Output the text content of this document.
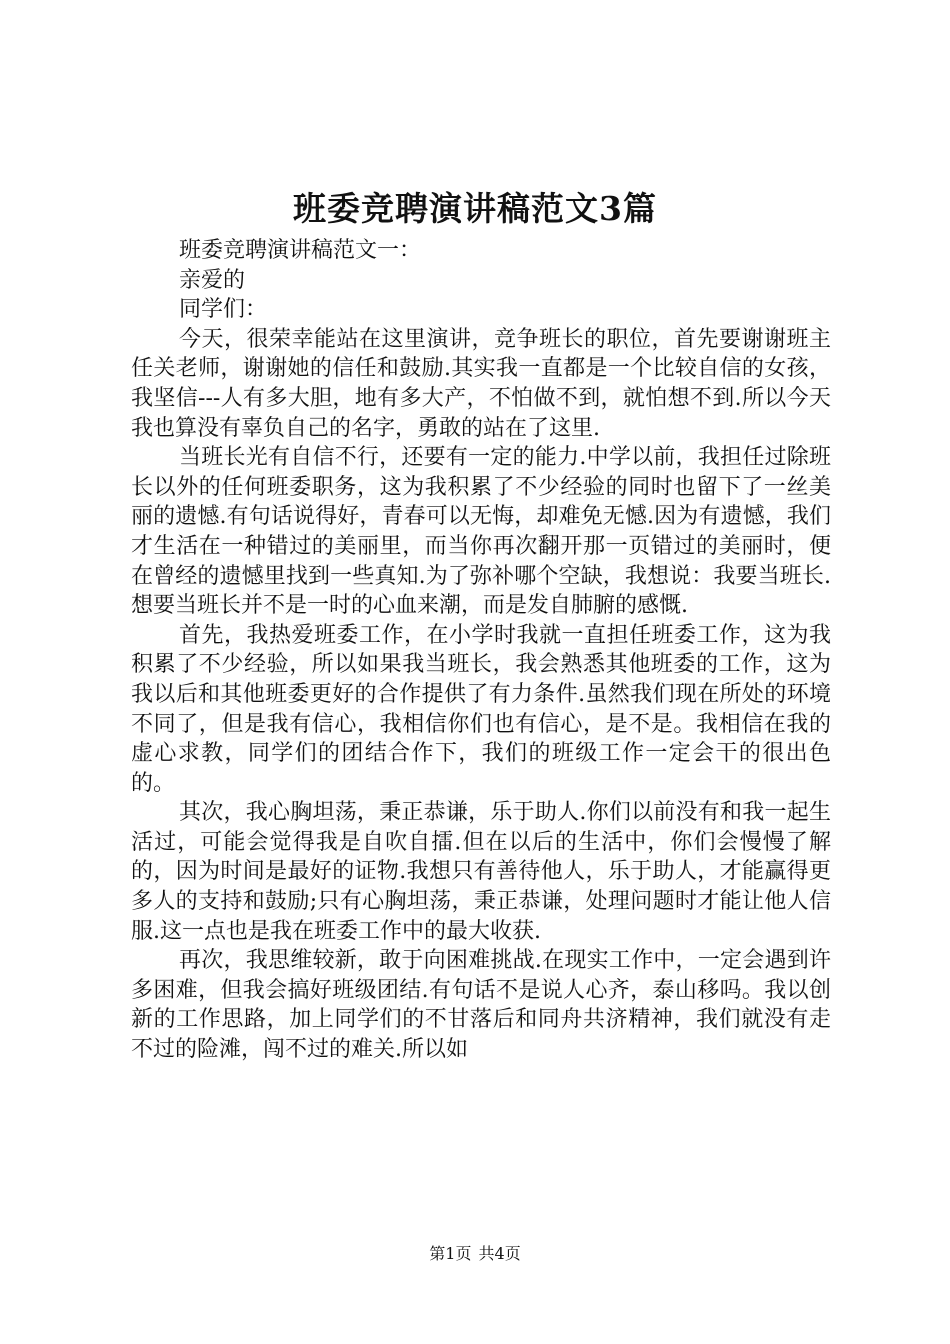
班委竞聘演讲稿范文3篇

班委竞聘演讲稿范文一：

亲爱的

同学们：

今天，很荣幸能站在这里演讲，竞争班长的职位，首先要谢谢班主任关老师，谢谢她的信任和鼓励.其实我一直都是一个比较自信的女孩，我坚信---人有多大胆，地有多大产，不怕做不到，就怕想不到.所以今天我也算没有辜负自己的名字，勇敢的站在了这里.

当班长光有自信不行，还要有一定的能力.中学以前，我担任过除班长以外的任何班委职务，这为我积累了不少经验的同时也留下了一丝美丽的遗憾.有句话说得好，青春可以无悔，却难免无憾.因为有遗憾，我们才生活在一种错过的美丽里，而当你再次翻开那一页错过的美丽时，便在曾经的遗憾里找到一些真知.为了弥补哪个空缺，我想说：我要当班长.想要当班长并不是一时的心血来潮，而是发自肺腑的感慨.

首先，我热爱班委工作，在小学时我就一直担任班委工作，这为我积累了不少经验，所以如果我当班长，我会熟悉其他班委的工作，这为我以后和其他班委更好的合作提供了有力条件.虽然我们现在所处的环境不同了，但是我有信心，我相信你们也有信心，是不是。我相信在我的虚心求教，同学们的团结合作下，我们的班级工作一定会干的很出色的。

其次，我心胸坦荡，秉正恭谦，乐于助人.你们以前没有和我一起生活过，可能会觉得我是自吹自擂.但在以后的生活中，你们会慢慢了解的，因为时间是最好的证物.我想只有善待他人，乐于助人，才能赢得更多人的支持和鼓励;只有心胸坦荡，秉正恭谦，处理问题时才能让他人信服.这一点也是我在班委工作中的最大收获.

再次，我思维较新，敢于向困难挑战.在现实工作中，一定会遇到许多困难，但我会搞好班级团结.有句话不是说人心齐，泰山移吗。我以创新的工作思路，加上同学们的不甘落后和同舟共济精神，我们就没有走不过的险滩，闯不过的难关.所以如

第1页 共4页
